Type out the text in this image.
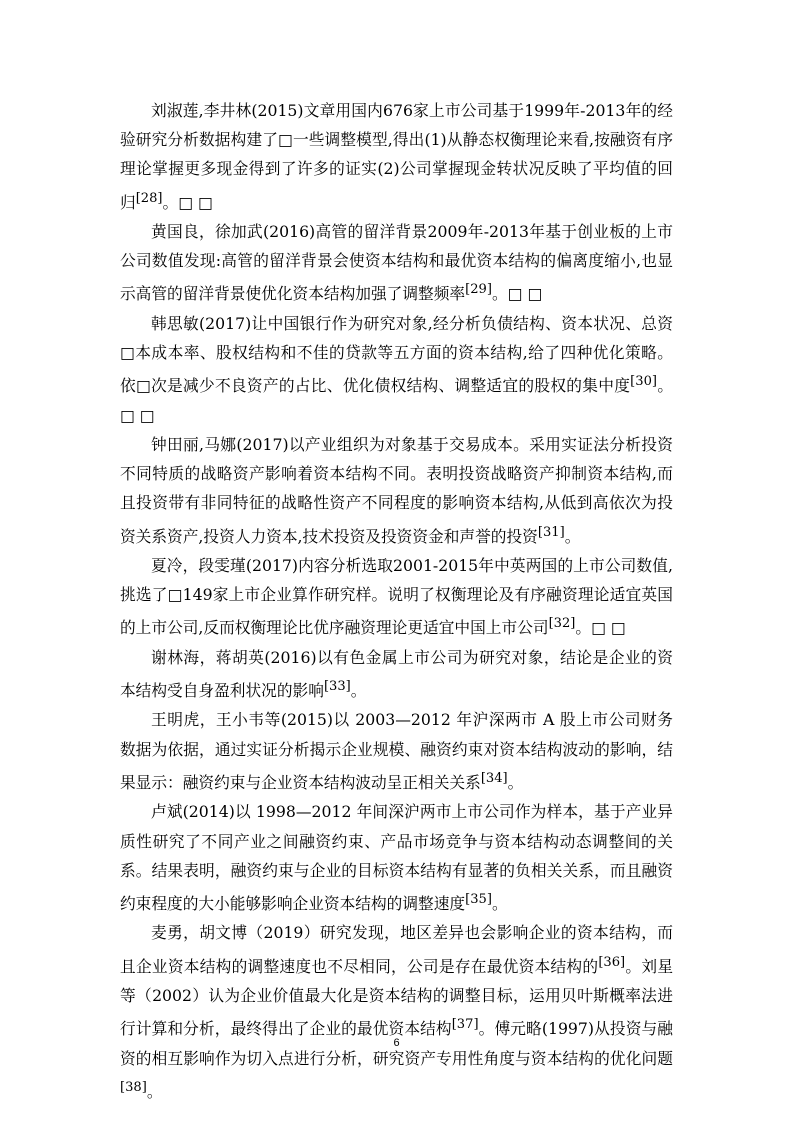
刘淑莲,李井林(2015)文章用国内676家上市公司基于1999年-2013年的经验研究分析数据构建了□一些调整模型,得出(1)从静态权衡理论来看,按融资有序理论掌握更多现金得到了许多的证实(2)公司掌握现金转状况反映了平均值的回归[28]。□ □

黄国良，徐加武(2016)高管的留洋背景2009年-2013年基于创业板的上市公司数值发现:高管的留洋背景会使资本结构和最优资本结构的偏离度缩小,也显示高管的留洋背景使优化资本结构加强了调整频率[29]。□ □

韩思敏(2017)让中国银行作为研究对象,经分析负债结构、资本状况、总资□本成本率、股权结构和不佳的贷款等五方面的资本结构,给了四种优化策略。依□次是减少不良资产的占比、优化债权结构、调整适宜的股权的集中度[30]。□ □

钟田丽,马娜(2017)以产业组织为对象基于交易成本。采用实证法分析投资不同特质的战略资产影响着资本结构不同。表明投资战略资产抑制资本结构,而且投资带有非同特征的战略性资产不同程度的影响资本结构,从低到高依次为投资关系资产,投资人力资本,技术投资及投资资金和声誉的投资[31]。

夏冷，段雯瑾(2017)内容分析选取2001-2015年中英两国的上市公司数值,挑选了□149家上市企业算作研究样。说明了权衡理论及有序融资理论适宜英国的上市公司,反而权衡理论比优序融资理论更适宜中国上市公司[32]。□ □

谢林海，蒋胡英(2016)以有色金属上市公司为研究对象，结论是企业的资本结构受自身盈利状况的影响[33]。

王明虎，王小韦等(2015)以 2003—2012 年沪深两市 A 股上市公司财务数据为依据，通过实证分析揭示企业规模、融资约束对资本结构波动的影响，结果显示：融资约束与企业资本结构波动呈正相关关系[34]。

卢斌(2014)以 1998—2012 年间深沪两市上市公司作为样本，基于产业异质性研究了不同产业之间融资约束、产品市场竞争与资本结构动态调整间的关系。结果表明，融资约束与企业的目标资本结构有显著的负相关关系，而且融资约束程度的大小能够影响企业资本结构的调整速度[35]。

麦勇，胡文博（2019）研究发现，地区差异也会影响企业的资本结构，而且企业资本结构的调整速度也不尽相同，公司是存在最优资本结构的[36]。刘星等（2002）认为企业价值最大化是资本结构的调整目标，运用贝叶斯概率法进行计算和分析，最终得出了企业的最优资本结构[37]。傅元略(1997)从投资与融资的相互影响作为切入点进行分析，研究资产专用性角度与资本结构的优化问题[38]。

6
